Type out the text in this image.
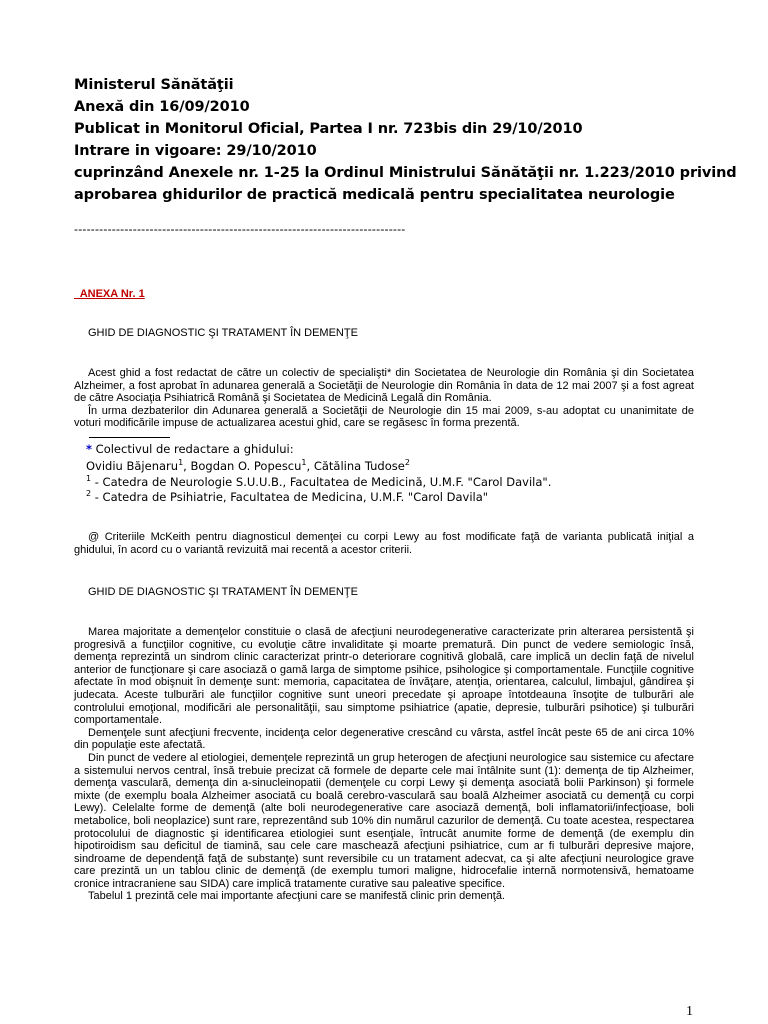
Ministerul Sănătăţii
Anexă din 16/09/2010
Publicat in Monitorul Oficial, Partea I nr. 723bis din 29/10/2010
Intrare in vigoare: 29/10/2010
cuprinzând Anexele nr. 1-25 la Ordinul Ministrului Sănătăţii nr. 1.223/2010 privind
aprobarea ghidurilor de practică medicală pentru specialitatea neurologie
-------------------------------------------------------------------------------
ANEXA Nr. 1
GHID DE DIAGNOSTIC ŞI TRATAMENT ÎN DEMENŢE

Acest ghid a fost redactat de către un colectiv de specialişti* din Societatea de Neurologie din România şi din Societatea Alzheimer, a fost aprobat în adunarea generală a Societăţii de Neurologie din România în data de 12 mai 2007 şi a fost agreat de către Asociaţia Psihiatrică Română şi Societatea de Medicină Legală din România.

În urma dezbaterilor din Adunarea generală a Societăţii de Neurologie din 15 mai 2009, s-au adoptat cu unanimitate de voturi modificările impuse de actualizarea acestui ghid, care se regăsesc în forma prezentă.

* Colectivul de redactare a ghidului:
Ovidiu Băjenaru$^1$, Bogdan O. Popescu$^1$, Cătălina Tudose$^2$
$^1$ - Catedra de Neurologie S.U.U.B., Facultatea de Medicină, U.M.F. "Carol Davila".
$^2$ - Catedra de Psihiatrie, Facultatea de Medicina, U.M.F. "Carol Davila"

@ Criteriile McKeith pentru diagnosticul demenţei cu corpi Lewy au fost modificate faţă de varianta publicată iniţial a ghidului, în acord cu o variantă revizuită mai recentă a acestor criterii.

GHID DE DIAGNOSTIC ŞI TRATAMENT ÎN DEMENŢE

Marea majoritate a demenţelor constituie o clasă de afecţiuni neurodegenerative caracterizate prin alterarea persistentă şi progresivă a funcţiilor cognitive, cu evoluţie către invaliditate şi moarte prematură. Din punct de vedere semiologic însă, demenţa reprezintă un sindrom clinic caracterizat printr-o deteriorare cognitivă globală, care implică un declin faţă de nivelul anterior de funcţionare şi care asociază o gamă larga de simptome psihice, psihologice şi comportamentale. Funcţiile cognitive afectate în mod obişnuit în demenţe sunt: memoria, capacitatea de învăţare, atenţia, orientarea, calculul, limbajul, gândirea şi judecata. Aceste tulburări ale funcţiilor cognitive sunt uneori precedate şi aproape întotdeauna însoţite de tulburări ale controlului emoţional, modificări ale personalităţii, sau simptome psihiatrice (apatie, depresie, tulburări psihotice) şi tulburări comportamentale.

Demenţele sunt afecţiuni frecvente, incidenţa celor degenerative crescând cu vârsta, astfel încât peste 65 de ani circa 10% din populaţie este afectată.

Din punct de vedere al etiologiei, demenţele reprezintă un grup heterogen de afecţiuni neurologice sau sistemice cu afectare a sistemului nervos central, însă trebuie precizat că formele de departe cele mai întâlnite sunt (1): demenţa de tip Alzheimer, demenţa vasculară, demenţa din a-sinucleinopatii (demenţele cu corpi Lewy şi demenţa asociată bolii Parkinson) şi formele mixte (de exemplu boala Alzheimer asociată cu boală cerebro-vasculară sau boală Alzheimer asociată cu demenţă cu corpi Lewy). Celelalte forme de demenţă (alte boli neurodegenerative care asociază demenţă, boli inflamatorii/infecţioase, boli metabolice, boli neoplazice) sunt rare, reprezentând sub 10% din numărul cazurilor de demenţă. Cu toate acestea, respectarea protocolului de diagnostic şi identificarea etiologiei sunt esenţiale, întrucât anumite forme de demenţă (de exemplu din hipotiroidism sau deficitul de tiamină, sau cele care maschează afecţiuni psihiatrice, cum ar fi tulburări depresive majore, sindroame de dependenţă faţă de substanţe) sunt reversibile cu un tratament adecvat, ca şi alte afecţiuni neurologice grave care prezintă un un tablou clinic de demenţă (de exemplu tumori maligne, hidrocefalie internă normotensivă, hematoame cronice intracraniene sau SIDA) care implică tratamente curative sau paleative specifice.

Tabelul 1 prezintă cele mai importante afecţiuni care se manifestă clinic prin demenţă.

1
